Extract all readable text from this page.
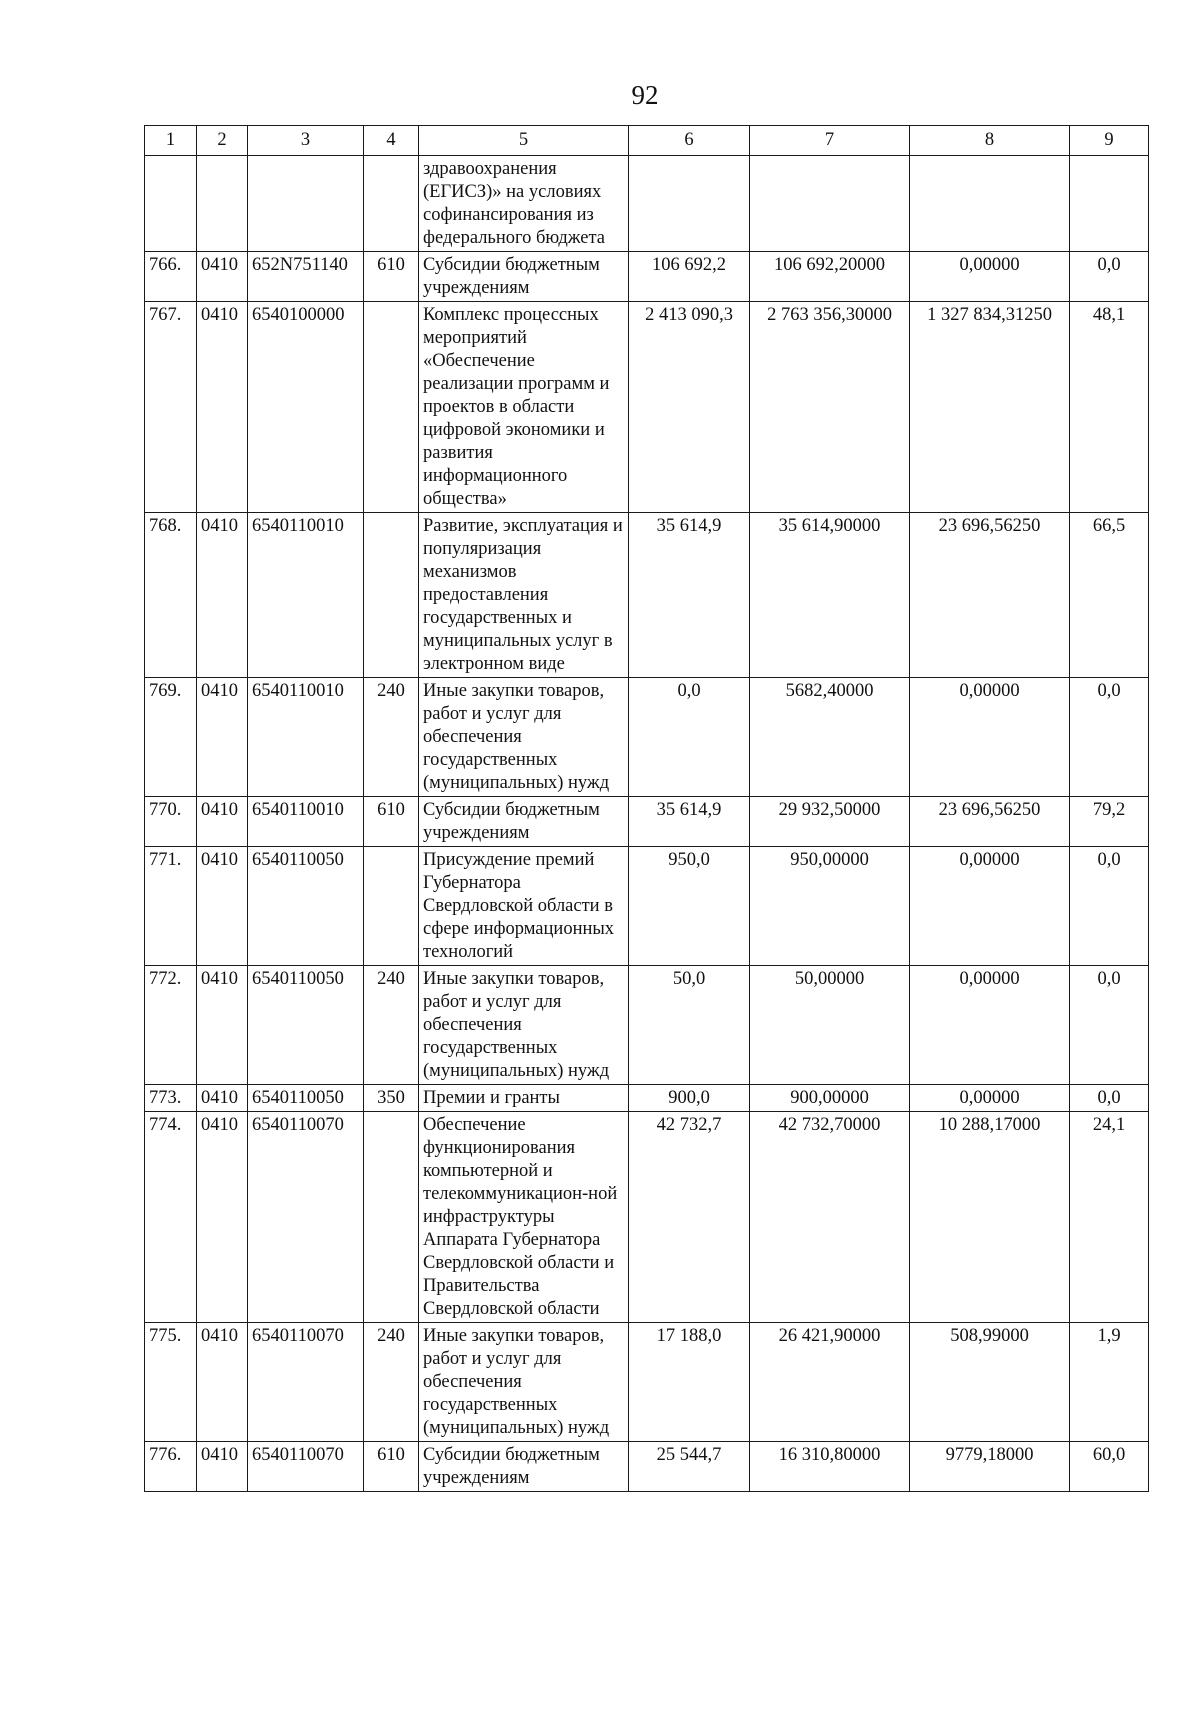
92
1	2	3	4	5	6	7	8	9
				здравоохранения (ЕГИСЗ)» на условиях софинансирования из федерального бюджета				
766.	0410	652N751140	610	Субсидии бюджетным учреждениям	106 692,2	106 692,20000	0,00000	0,0
767.	0410	6540100000		Комплекс процессных мероприятий «Обеспечение реализации программ и проектов в области цифровой экономики и развития информационного общества»	2 413 090,3	2 763 356,30000	1 327 834,31250	48,1
768.	0410	6540110010		Развитие, эксплуатация и популяризация механизмов предоставления государственных и муниципальных услуг в электронном виде	35 614,9	35 614,90000	23 696,56250	66,5
769.	0410	6540110010	240	Иные закупки товаров, работ и услуг для обеспечения государственных (муниципальных) нужд	0,0	5682,40000	0,00000	0,0
770.	0410	6540110010	610	Субсидии бюджетным учреждениям	35 614,9	29 932,50000	23 696,56250	79,2
771.	0410	6540110050		Присуждение премий Губернатора Свердловской области в сфере информационных технологий	950,0	950,00000	0,00000	0,0
772.	0410	6540110050	240	Иные закупки товаров, работ и услуг для обеспечения государственных (муниципальных) нужд	50,0	50,00000	0,00000	0,0
773.	0410	6540110050	350	Премии и гранты	900,0	900,00000	0,00000	0,0
774.	0410	6540110070		Обеспечение функционирования компьютерной и телекоммуникацион-ной инфраструктуры Аппарата Губернатора Свердловской области и Правительства Свердловской области	42 732,7	42 732,70000	10 288,17000	24,1
775.	0410	6540110070	240	Иные закупки товаров, работ и услуг для обеспечения государственных (муниципальных) нужд	17 188,0	26 421,90000	508,99000	1,9
776.	0410	6540110070	610	Субсидии бюджетным учреждениям	25 544,7	16 310,80000	9779,18000	60,0
